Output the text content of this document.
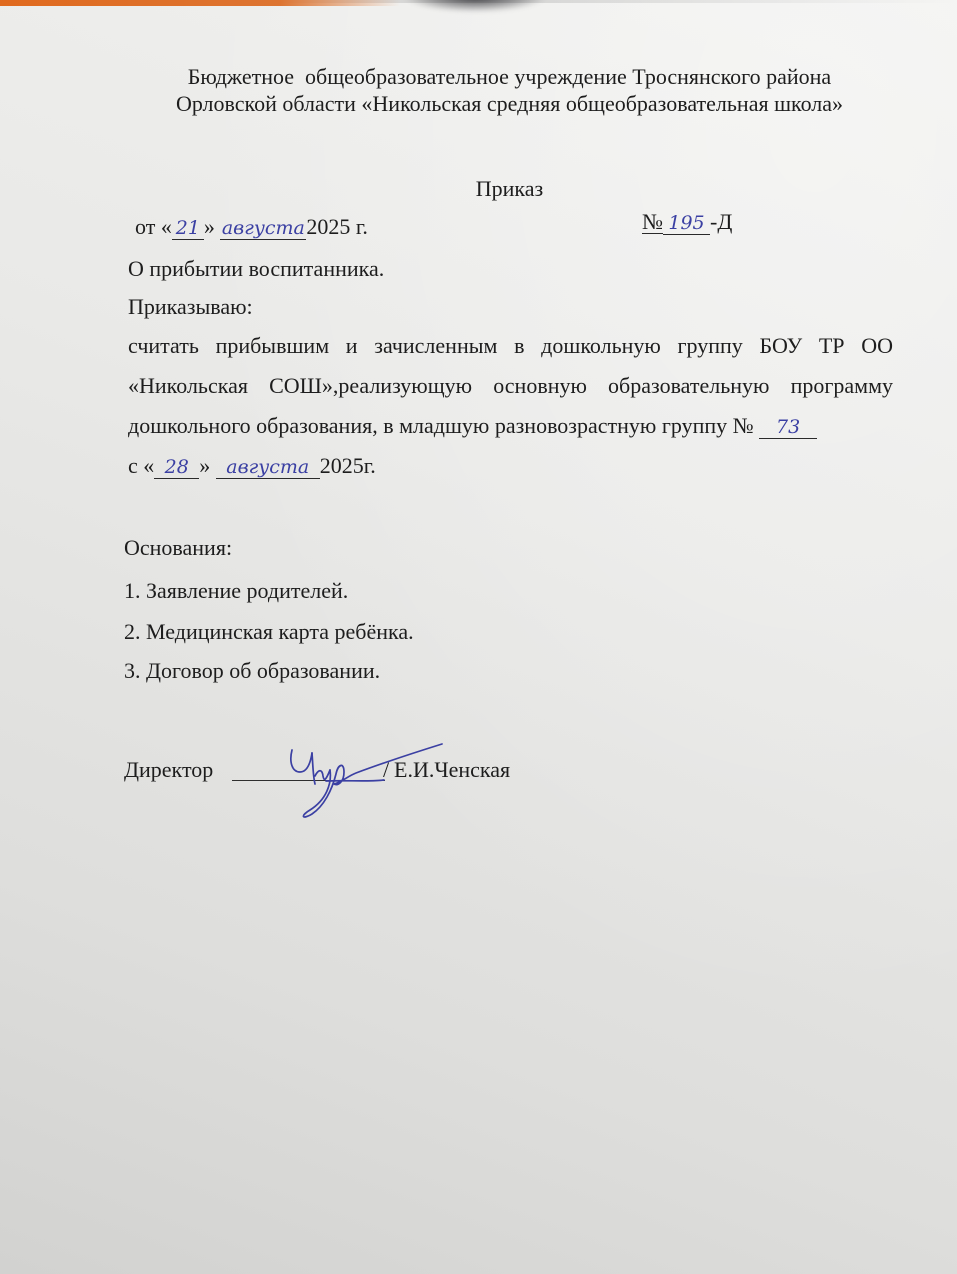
Бюджетное  общеобразовательное учреждение Троснянского района
Орловской области «Никольская средняя общеобразовательная школа»
Приказ
от « 21 » августа2025 г.	№ 195 -Д
О прибытии воспитанника.
Приказываю:
считать прибывшим и зачисленным в дошкольную группу БОУ ТР ОО
«Никольская СОШ»,реализующую основную образовательную программу
дошкольного образования, в младшую разновозрастную группу № 73
с « 28 » августа 2025г.
Основания:
1. Заявление родителей.
2. Медицинская карта ребёнка.
3. Договор об образовании.
Директор	/ Е.И.Ченская
